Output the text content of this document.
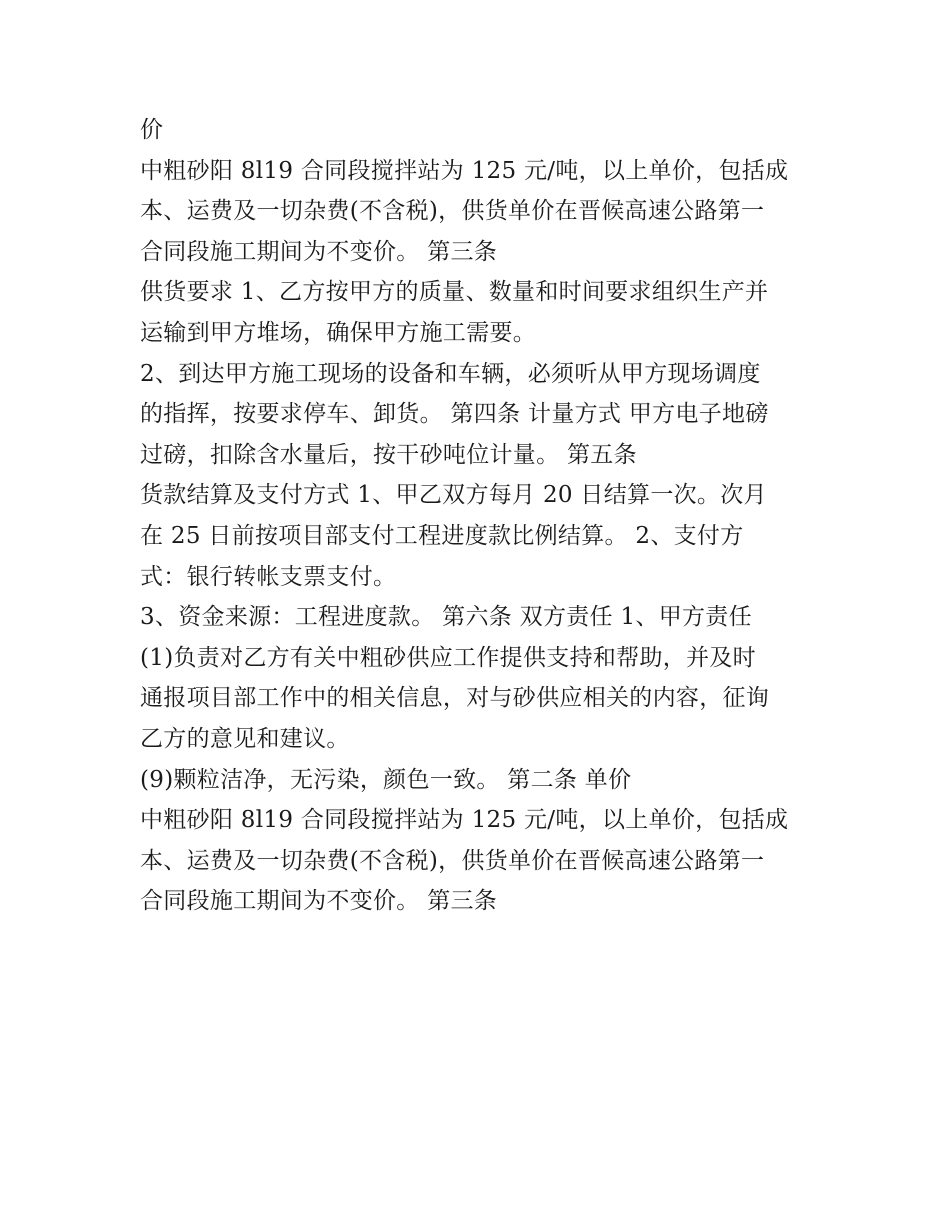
价
中粗砂阳 8l19 合同段搅拌站为 125 元/吨，以上单价，包括成
本、运费及一切杂费(不含税)，供货单价在晋候高速公路第一
合同段施工期间为不变价。 第三条
供货要求 1、乙方按甲方的质量、数量和时间要求组织生产并
运输到甲方堆场，确保甲方施工需要。
2、到达甲方施工现场的设备和车辆，必须听从甲方现场调度
的指挥，按要求停车、卸货。 第四条 计量方式 甲方电子地磅
过磅，扣除含水量后，按干砂吨位计量。 第五条
货款结算及支付方式 1、甲乙双方每月 20 日结算一次。次月
在 25 日前按项目部支付工程进度款比例结算。 2、支付方
式：银行转帐支票支付。
3、资金来源：工程进度款。 第六条 双方责任 1、甲方责任
(1)负责对乙方有关中粗砂供应工作提供支持和帮助，并及时
通报项目部工作中的相关信息，对与砂供应相关的内容，征询
乙方的意见和建议。
(9)颗粒洁净，无污染，颜色一致。 第二条 单价
中粗砂阳 8l19 合同段搅拌站为 125 元/吨，以上单价，包括成
本、运费及一切杂费(不含税)，供货单价在晋候高速公路第一
合同段施工期间为不变价。 第三条
